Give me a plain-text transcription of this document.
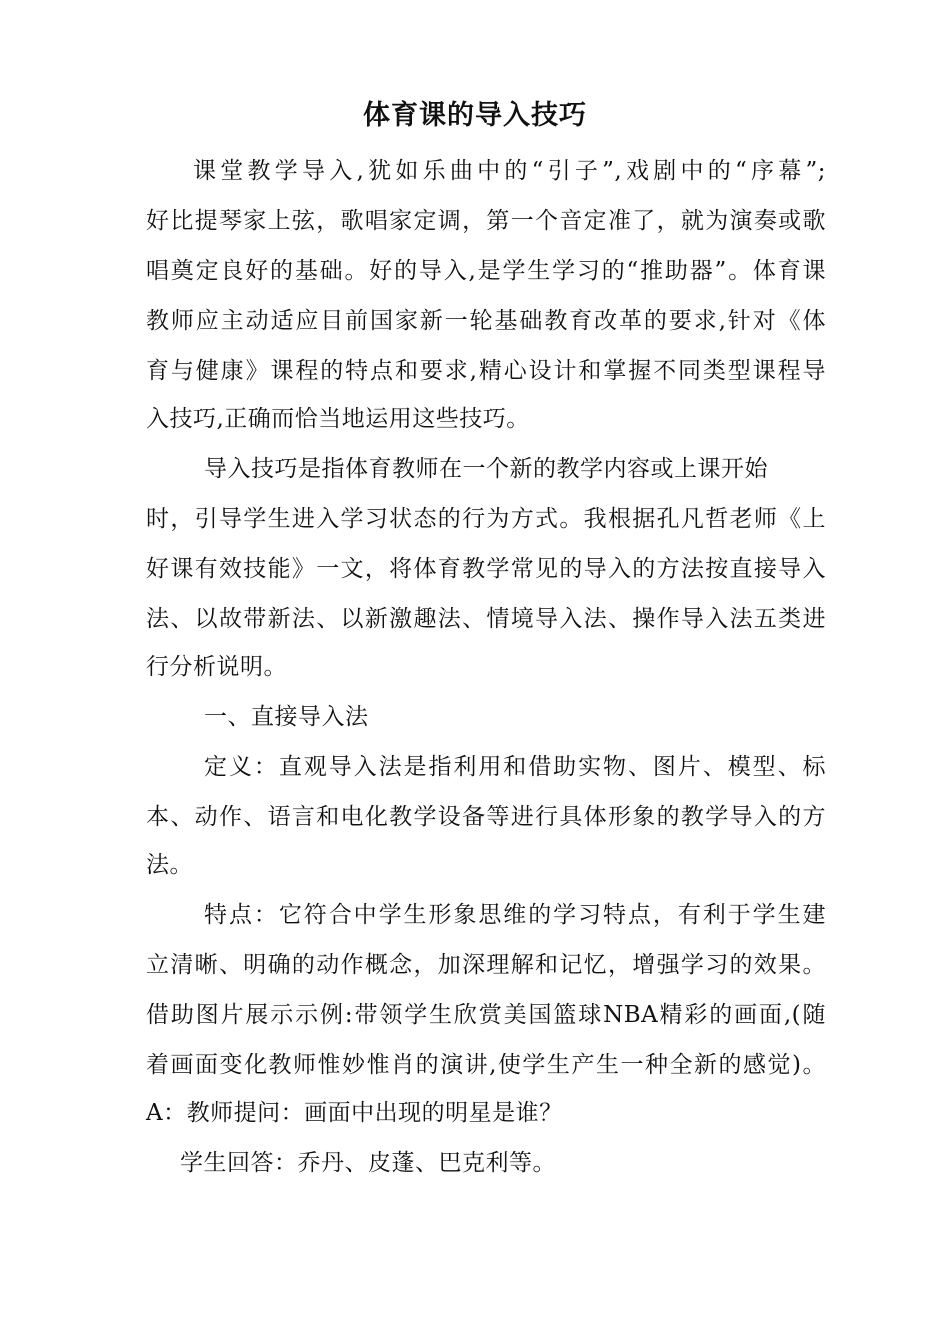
体育课的导入技巧

课堂教学导入,犹如乐曲中的“引子”,戏剧中的“序幕”;

好比提琴家上弦，歌唱家定调，第一个音定准了，就为演奏或歌

唱奠定良好的基础。好的导入,是学生学习的“推助器”。体育课

教师应主动适应目前国家新一轮基础教育改革的要求,针对《体

育与健康》课程的特点和要求,精心设计和掌握不同类型课程导

入技巧,正确而恰当地运用这些技巧。

导入技巧是指体育教师在一个新的教学内容或上课开始

时，引导学生进入学习状态的行为方式。我根据孔凡哲老师《上

好课有效技能》一文，将体育教学常见的导入的方法按直接导入

法、以故带新法、以新激趣法、情境导入法、操作导入法五类进

行分析说明。

一、直接导入法

定义：直观导入法是指利用和借助实物、图片、模型、标

本、动作、语言和电化教学设备等进行具体形象的教学导入的方

法。

特点：它符合中学生形象思维的学习特点，有利于学生建

立清晰、明确的动作概念，加深理解和记忆，增强学习的效果。

借助图片展示示例:带领学生欣赏美国篮球NBA精彩的画面,(随

着画面变化教师惟妙惟肖的演讲,使学生产生一种全新的感觉)。

A：教师提问：画面中出现的明星是谁？

学生回答：乔丹、皮蓬、巴克利等。
